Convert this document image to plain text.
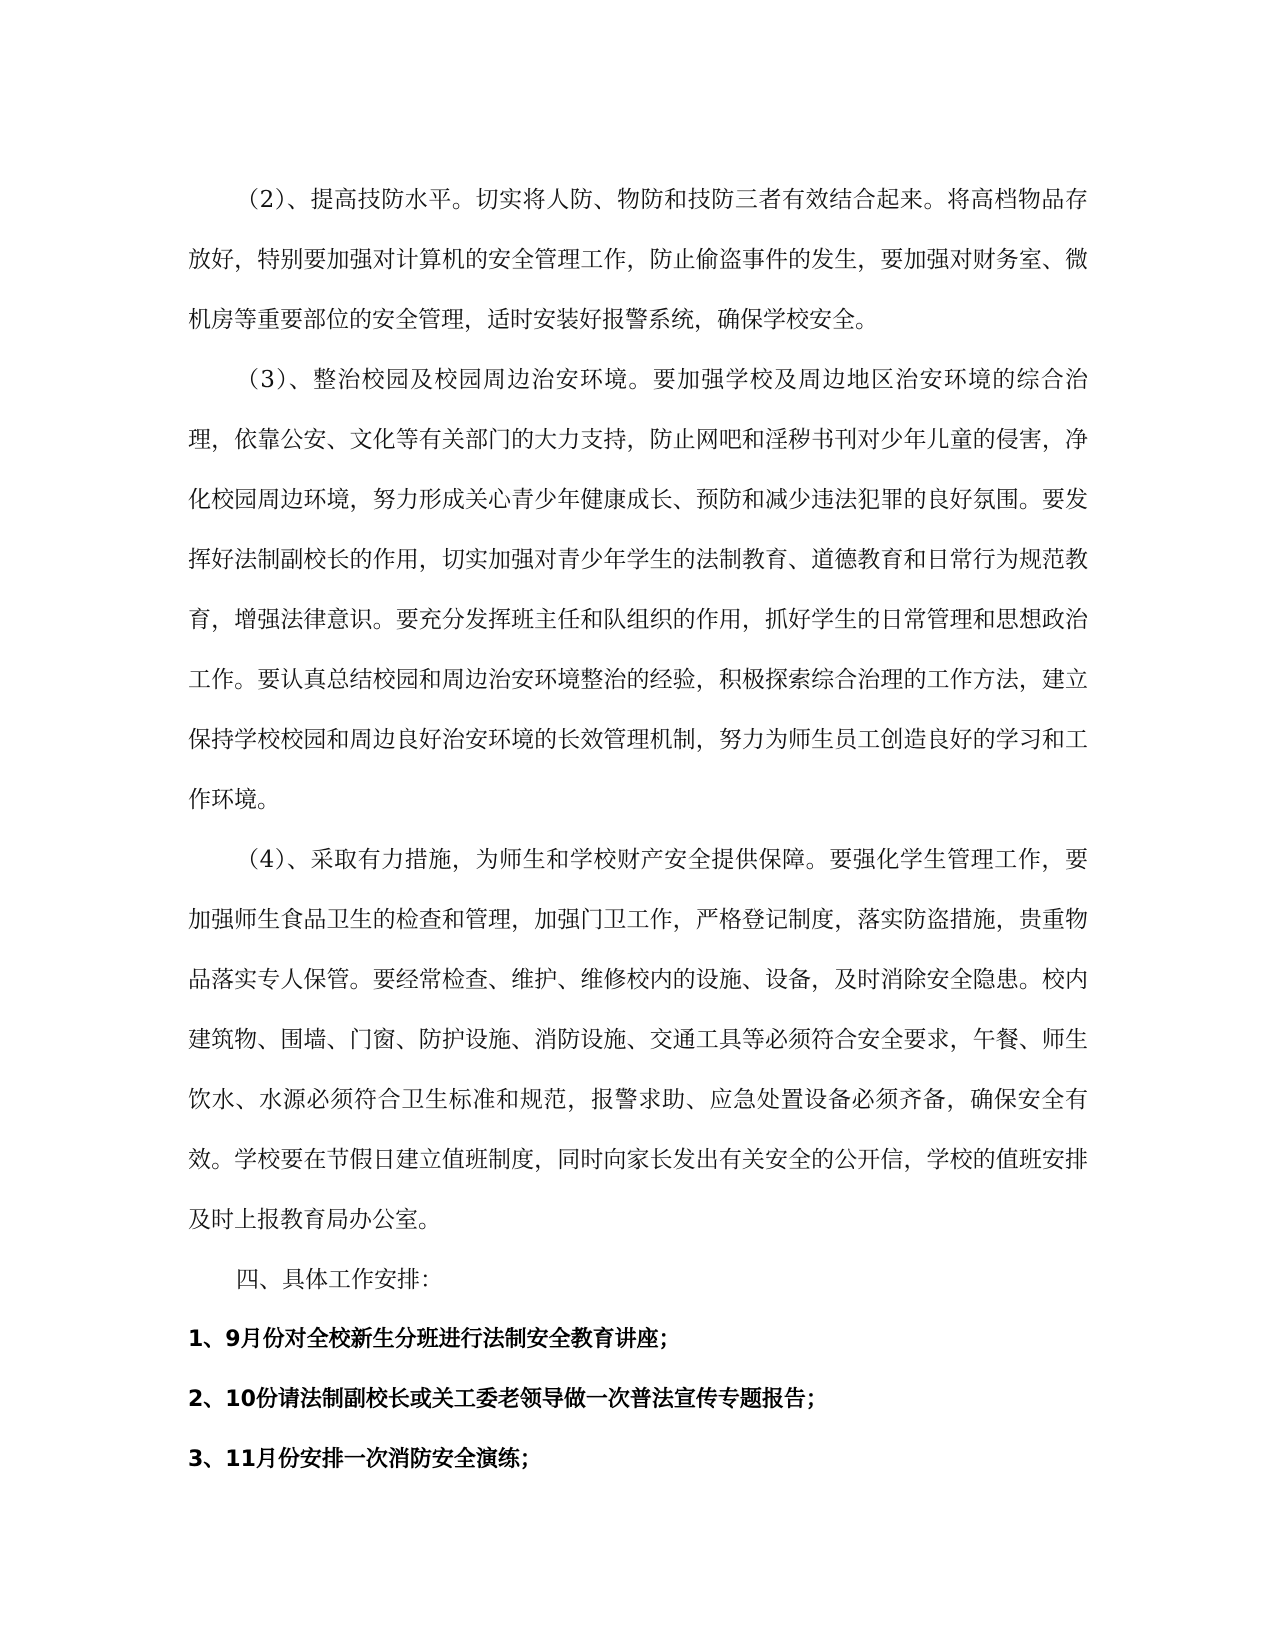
（2）、提高技防水平。切实将人防、物防和技防三者有效结合起来。将高档物品存放好，特别要加强对计算机的安全管理工作，防止偷盗事件的发生，要加强对财务室、微机房等重要部位的安全管理，适时安装好报警系统，确保学校安全。

（3）、整治校园及校园周边治安环境。要加强学校及周边地区治安环境的综合治理，依靠公安、文化等有关部门的大力支持，防止网吧和淫秽书刊对少年儿童的侵害，净化校园周边环境，努力形成关心青少年健康成长、预防和减少违法犯罪的良好氛围。要发挥好法制副校长的作用，切实加强对青少年学生的法制教育、道德教育和日常行为规范教育，增强法律意识。要充分发挥班主任和队组织的作用，抓好学生的日常管理和思想政治工作。要认真总结校园和周边治安环境整治的经验，积极探索综合治理的工作方法，建立保持学校校园和周边良好治安环境的长效管理机制，努力为师生员工创造良好的学习和工作环境。

（4）、采取有力措施，为师生和学校财产安全提供保障。要强化学生管理工作，要加强师生食品卫生的检查和管理，加强门卫工作，严格登记制度，落实防盗措施，贵重物品落实专人保管。要经常检查、维护、维修校内的设施、设备，及时消除安全隐患。校内建筑物、围墙、门窗、防护设施、消防设施、交通工具等必须符合安全要求，午餐、师生饮水、水源必须符合卫生标准和规范，报警求助、应急处置设备必须齐备，确保安全有效。学校要在节假日建立值班制度，同时向家长发出有关安全的公开信，学校的值班安排及时上报教育局办公室。

四、具体工作安排：

1、9月份对全校新生分班进行法制安全教育讲座；

2、10份请法制副校长或关工委老领导做一次普法宣传专题报告；

3、11月份安排一次消防安全演练；
